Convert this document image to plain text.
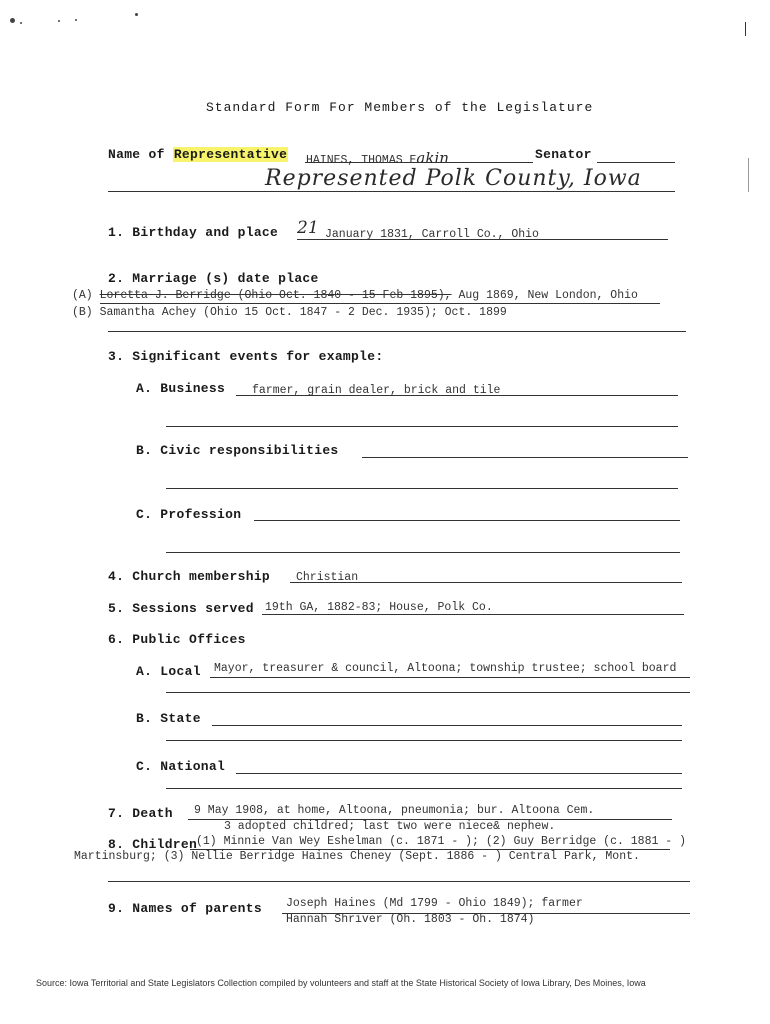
Standard Form For Members of the Legislature
Name of Representative HAINES, THOMAS Eakin	Senator
Represented Polk County, Iowa
1. Birthday and place 21 January 1831, Carroll Co., Ohio
2. Marriage (s) date place
(A) Loretta J. Berridge (Ohio Oct. 1840 - 15 Feb 1895), Aug 1869, New London, Ohio
(B) Samantha Achey (Ohio 15 Oct. 1847 - 2 Dec. 1935); Oct. 1899
3. Significant events for example:
A. Business farmer, grain dealer, brick and tile
B. Civic responsibilities
C. Profession
4. Church membership Christian
5. Sessions served 19th GA, 1882-83; House, Polk Co.
6. Public Offices
A. Local Mayor, treasurer & council, Altoona; township trustee; school board
B. State
C. National
7. Death 9 May 1908, at home, Altoona, pneumonia; bur. Altoona Cem.
3 adopted childred; last two were niece& nephew.
8. Children
(1) Minnie Van Wey Eshelman (c. 1871 - ); (2) Guy Berridge (c. 1881 - )
Martinsburg; (3) Nellie Berridge Haines Cheney (Sept. 1886 - ) Central Park, Mont.
9. Names of parents Joseph Haines (Md 1799 - Ohio 1849); farmer
Hannah Shriver (Oh. 1803 - Oh. 1874)
Source: Iowa Territorial and State Legislators Collection compiled by volunteers and staff at the State Historical Society of Iowa Library, Des Moines, Iowa
